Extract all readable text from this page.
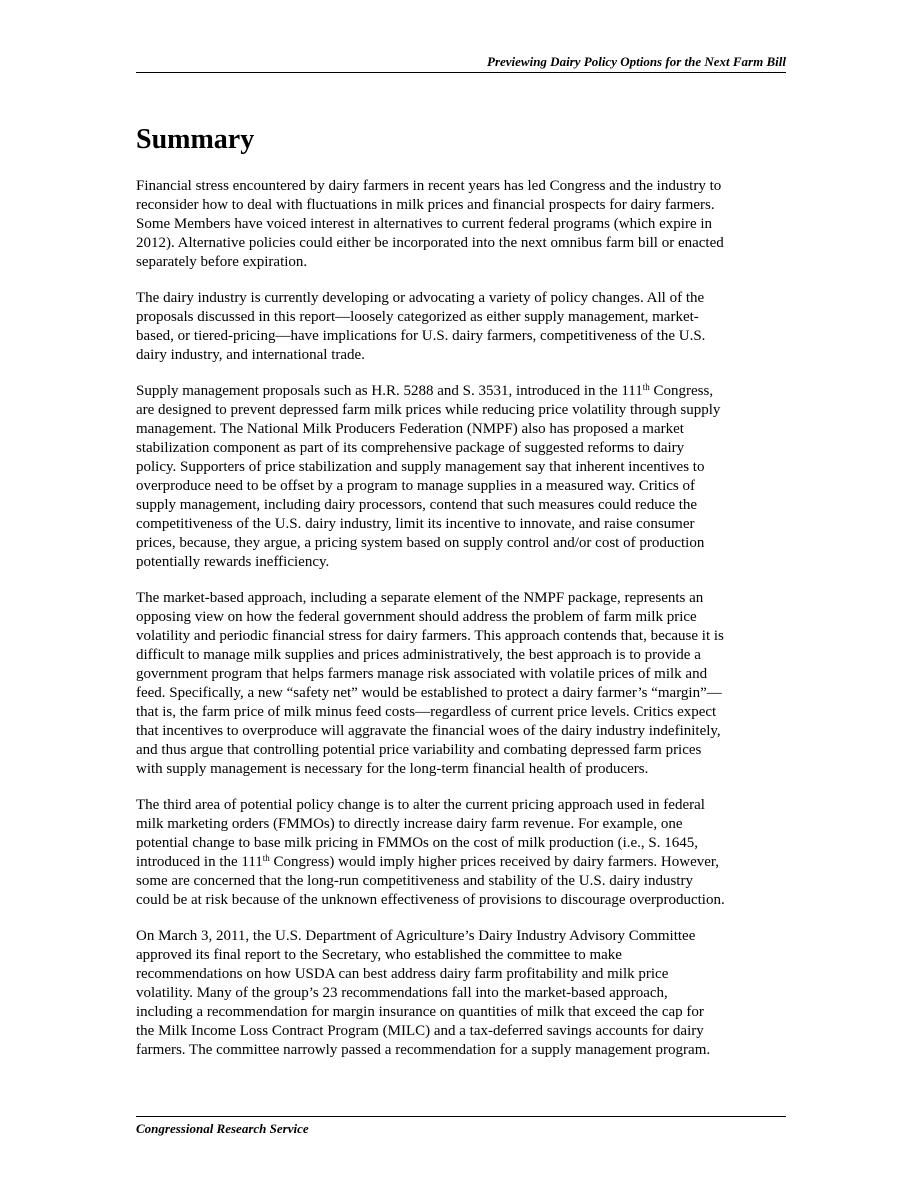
Previewing Dairy Policy Options for the Next Farm Bill
Summary

Financial stress encountered by dairy farmers in recent years has led Congress and the industry to
reconsider how to deal with fluctuations in milk prices and financial prospects for dairy farmers.
Some Members have voiced interest in alternatives to current federal programs (which expire in
2012). Alternative policies could either be incorporated into the next omnibus farm bill or enacted
separately before expiration.

The dairy industry is currently developing or advocating a variety of policy changes. All of the
proposals discussed in this report—loosely categorized as either supply management, market-
based, or tiered-pricing—have implications for U.S. dairy farmers, competitiveness of the U.S.
dairy industry, and international trade.

Supply management proposals such as H.R. 5288 and S. 3531, introduced in the 111th Congress,
are designed to prevent depressed farm milk prices while reducing price volatility through supply
management. The National Milk Producers Federation (NMPF) also has proposed a market
stabilization component as part of its comprehensive package of suggested reforms to dairy
policy. Supporters of price stabilization and supply management say that inherent incentives to
overproduce need to be offset by a program to manage supplies in a measured way. Critics of
supply management, including dairy processors, contend that such measures could reduce the
competitiveness of the U.S. dairy industry, limit its incentive to innovate, and raise consumer
prices, because, they argue, a pricing system based on supply control and/or cost of production
potentially rewards inefficiency.

The market-based approach, including a separate element of the NMPF package, represents an
opposing view on how the federal government should address the problem of farm milk price
volatility and periodic financial stress for dairy farmers. This approach contends that, because it is
difficult to manage milk supplies and prices administratively, the best approach is to provide a
government program that helps farmers manage risk associated with volatile prices of milk and
feed. Specifically, a new “safety net” would be established to protect a dairy farmer’s “margin”—
that is, the farm price of milk minus feed costs—regardless of current price levels. Critics expect
that incentives to overproduce will aggravate the financial woes of the dairy industry indefinitely,
and thus argue that controlling potential price variability and combating depressed farm prices
with supply management is necessary for the long-term financial health of producers.

The third area of potential policy change is to alter the current pricing approach used in federal
milk marketing orders (FMMOs) to directly increase dairy farm revenue. For example, one
potential change to base milk pricing in FMMOs on the cost of milk production (i.e., S. 1645,
introduced in the 111th Congress) would imply higher prices received by dairy farmers. However,
some are concerned that the long-run competitiveness and stability of the U.S. dairy industry
could be at risk because of the unknown effectiveness of provisions to discourage overproduction.

On March 3, 2011, the U.S. Department of Agriculture’s Dairy Industry Advisory Committee
approved its final report to the Secretary, who established the committee to make
recommendations on how USDA can best address dairy farm profitability and milk price
volatility. Many of the group’s 23 recommendations fall into the market-based approach,
including a recommendation for margin insurance on quantities of milk that exceed the cap for
the Milk Income Loss Contract Program (MILC) and a tax-deferred savings accounts for dairy
farmers. The committee narrowly passed a recommendation for a supply management program.

Congressional Research Service
